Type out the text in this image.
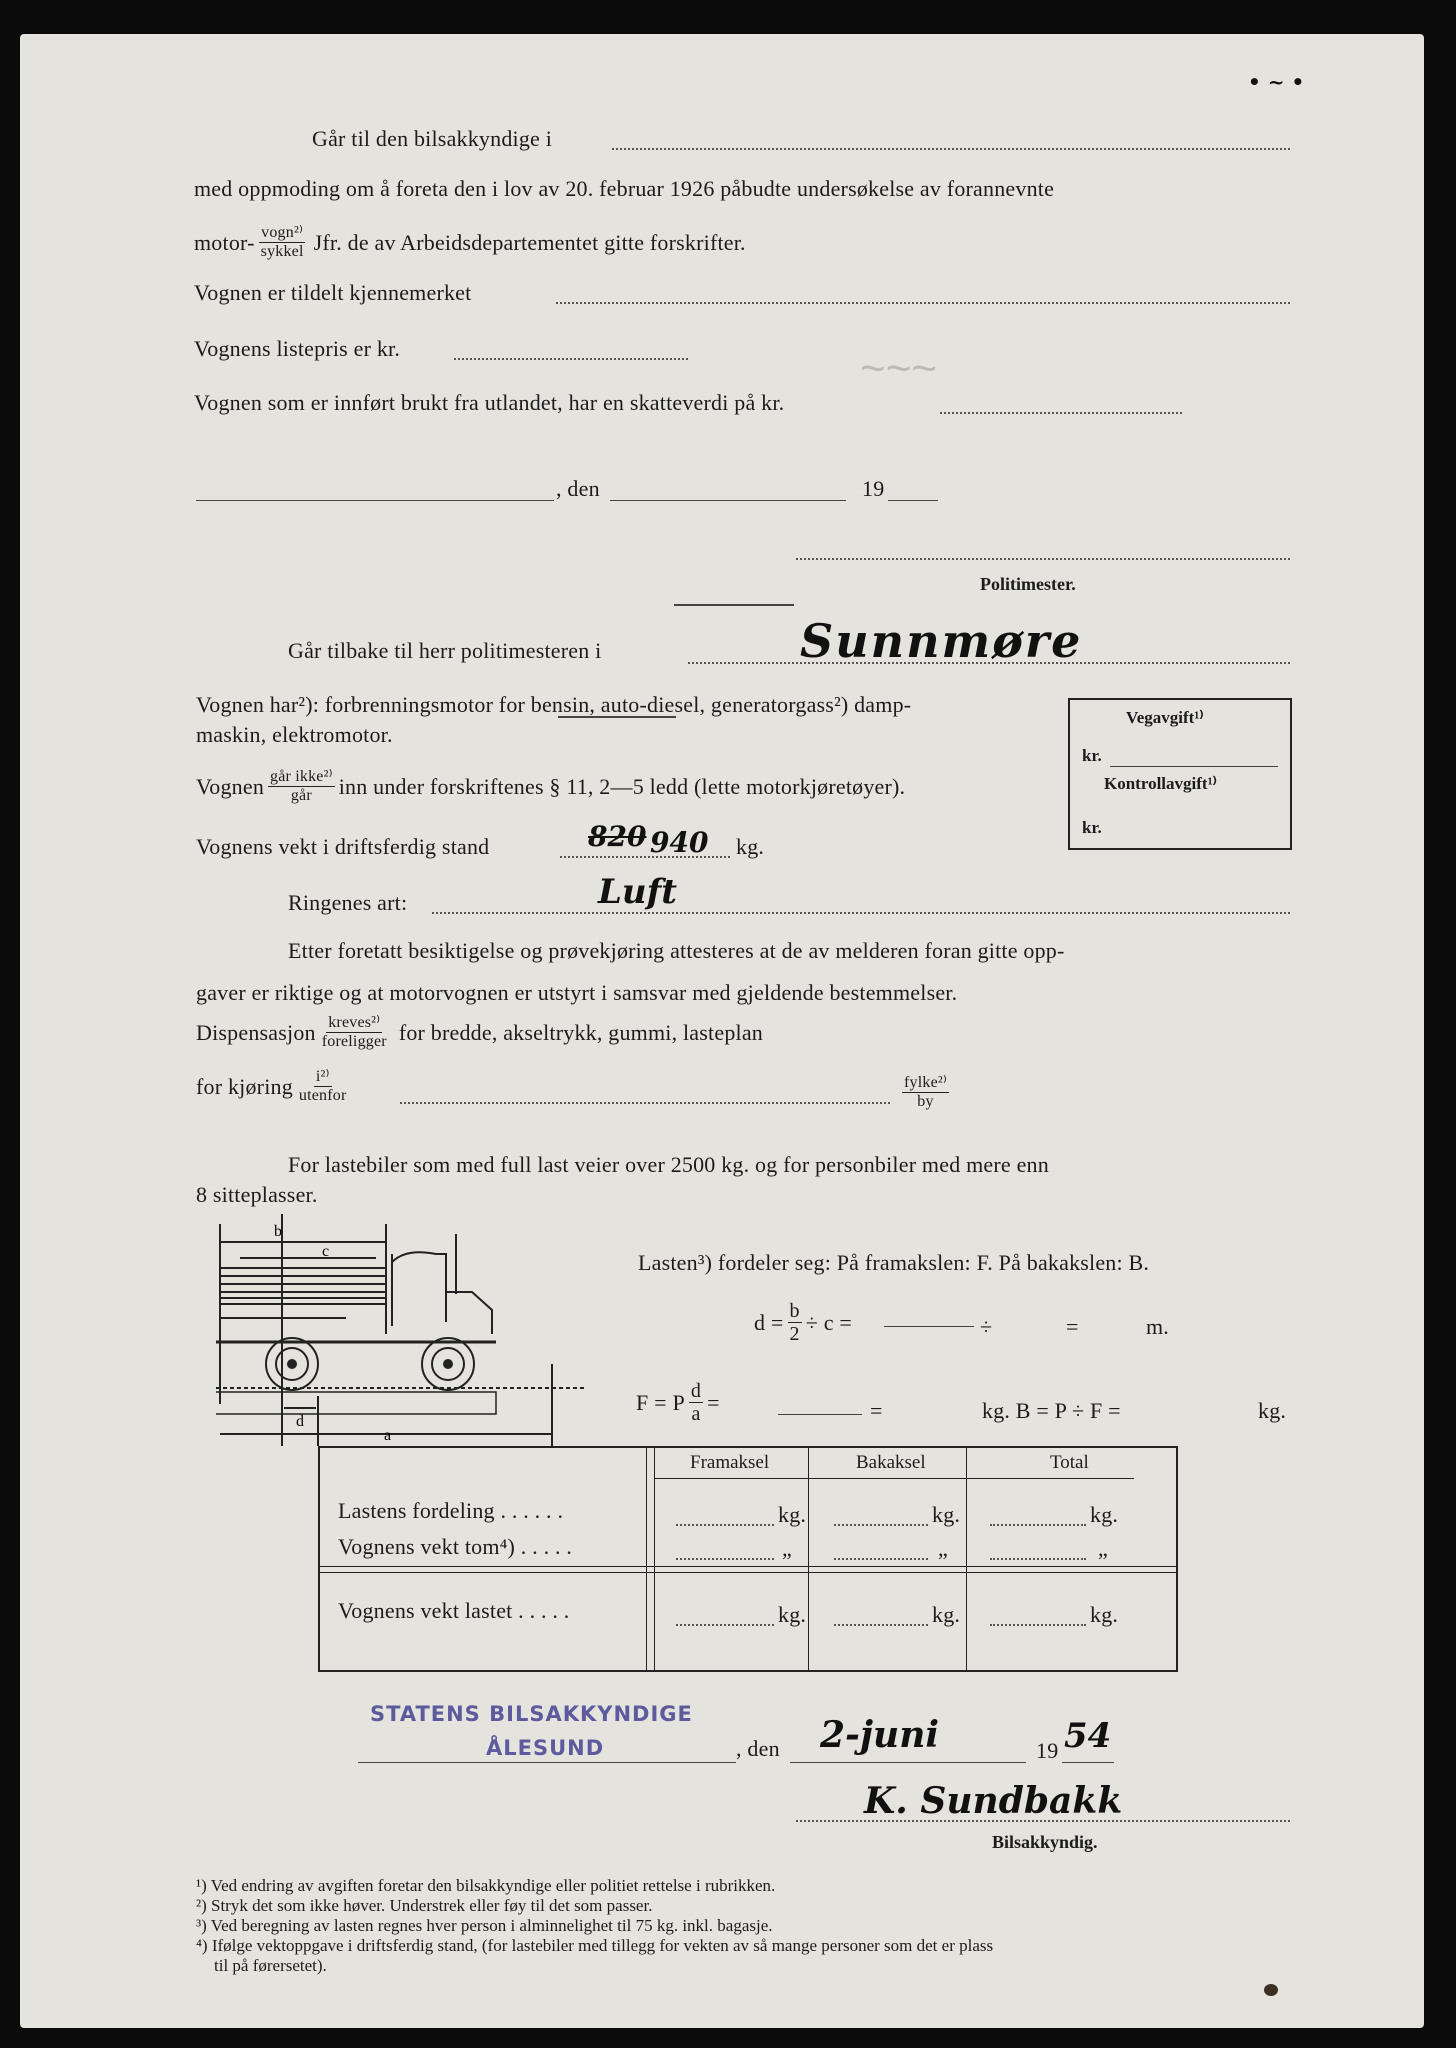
• ~ •
~~~
Går til den bilsakkyndige i
med oppmoding om å foreta den i lov av 20. februar 1926 påbudte undersøkelse av forannevnte
motor- $\frac{\text{vogn²⁾}}{\text{sykkel}}$ Jfr. de av Arbeidsdepartementet gitte forskrifter.
Vognen er tildelt kjennemerket
Vognens listepris er kr.
Vognen som er innført brukt fra utlandet, har en skatteverdi på kr.
, den	19
Politimester.
Går tilbake til herr politimesteren i	Sunnmøre
Vognen har²): forbrenningsmotor for bensin, auto-diesel, generatorgass²) damp-
maskin, elektromotor.
Vognen $\frac{\text{går ikke²⁾}}{\text{går}}$ inn under forskriftenes § 11, 2—5 ledd (lette motorkjøretøyer).
Vognens vekt i driftsferdig stand	820 940 kg.
Ringenes art:	Luft
Vegavgift¹⁾
kr.
Kontrollavgift¹⁾
kr.
Etter foretatt besiktigelse og prøvekjøring attesteres at de av melderen foran gitte opp-
gaver er riktige og at motorvognen er utstyrt i samsvar med gjeldende bestemmelser.
Dispensasjon $\frac{\text{kreves²⁾}}{\text{foreligger}}$ for bredde, akseltrykk, gummi, lasteplan
for kjøring $\frac{\text{i²⁾}}{\text{utenfor}}$	$\frac{\text{fylke²⁾}}{by}$
For lastebiler som med full last veier over 2500 kg. og for personbiler med mere enn
8 sitteplasser.
b
c
d
a
Lasten³) fordeler seg: På framakslen: F. På bakakslen: B.
$d = \frac{b}{2} \div c$ =	÷	=	m.
F = P $\frac{d}{a}$ =	=	kg. B = P ÷ F =	kg.
Framaksel	Bakaksel	Total
Lastens fordeling . . . . . .	kg.	kg.	kg.
Vognens vekt tom⁴) . . . . .	„	„	„
Vognens vekt lastet . . . . .	kg.	kg.	kg.
STATENS BILSAKKYNDIGE
ÅLESUND	, den 2-juni	19 54
K. Sundbakk
Bilsakkyndig.
¹) Ved endring av avgiften foretar den bilsakkyndige eller politiet rettelse i rubrikken.
²) Stryk det som ikke høver. Understrek eller føy til det som passer.
³) Ved beregning av lasten regnes hver person i alminnelighet til 75 kg. inkl. bagasje.
⁴) Ifølge vektoppgave i driftsferdig stand, (for lastebiler med tillegg for vekten av så mange personer som det er plass
til på førersetet).
